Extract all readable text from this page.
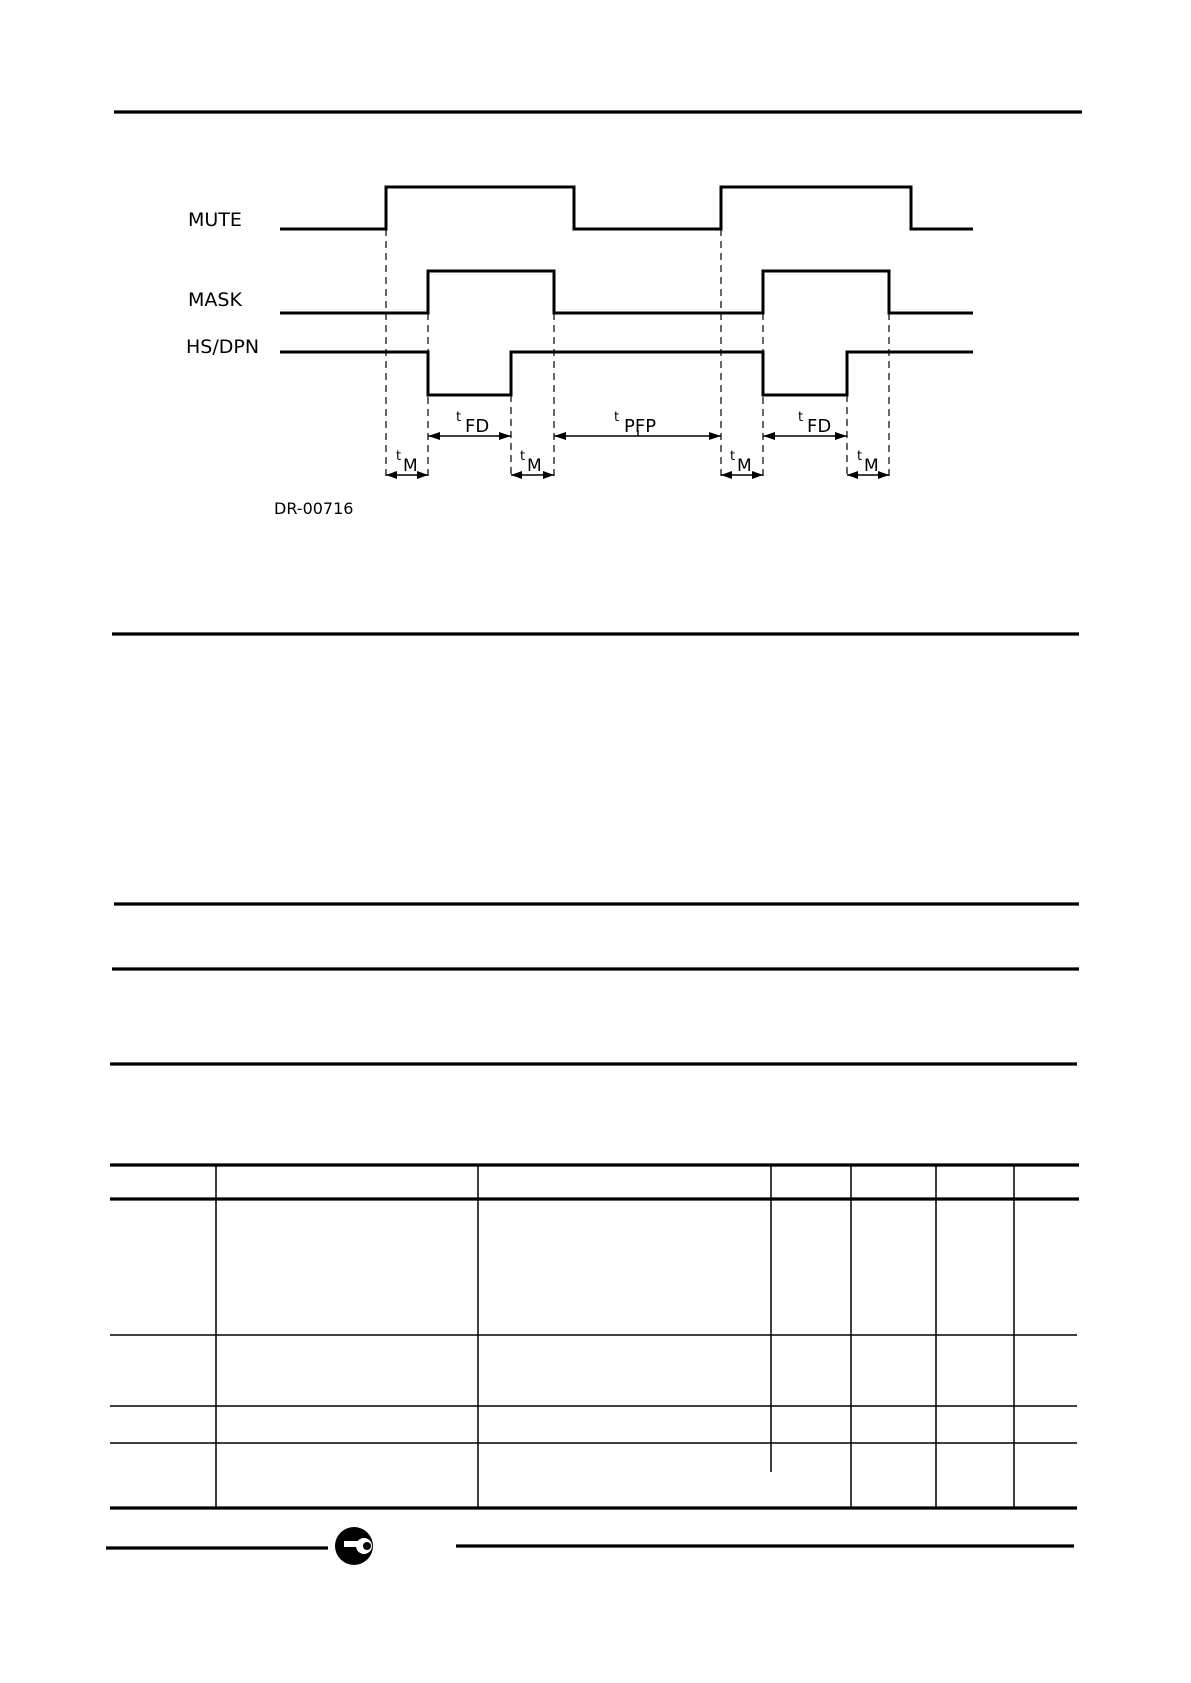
MUTE
MASK
HS/DPN
t FD	t PFP	t FD
t M	t M	t M	t M
DR-00716
